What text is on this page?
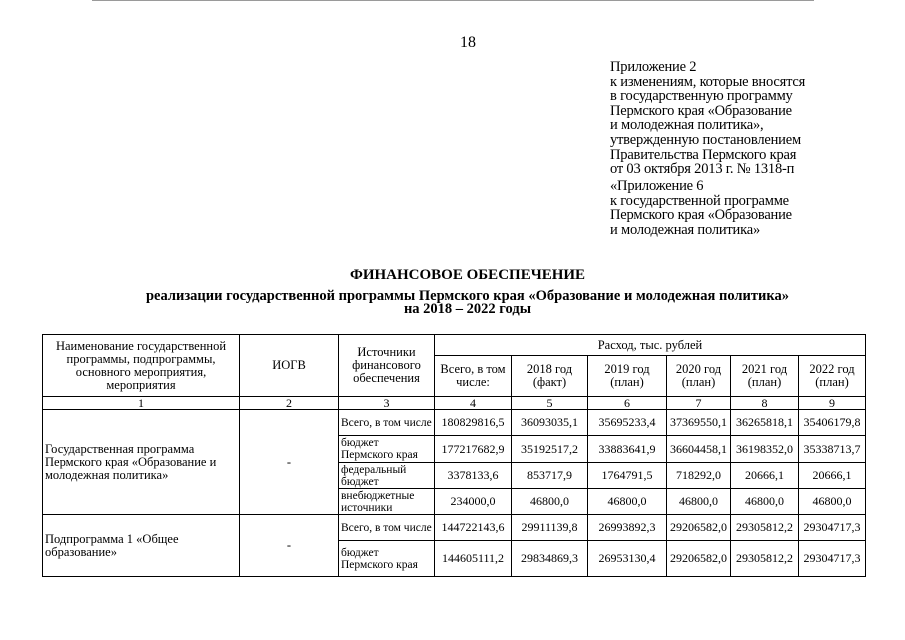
18
Приложение 2
к изменениям, которые вносятся
в государственную программу
Пермского края «Образование
и молодежная политика»,
утвержденную постановлением
Правительства Пермского края
от 03 октября 2013 г. № 1318-п
«Приложение 6
к государственной программе
Пермского края «Образование
и молодежная политика»
ФИНАНСОВОЕ ОБЕСПЕЧЕНИЕ
реализации государственной программы Пермского края «Образование и молодежная политика»
на 2018 – 2022 годы
Наименование государственной программы, подпрограммы, основного мероприятия, мероприятия	ИОГВ	Источники финансового обеспечения	Расход, тыс. рублей					
			Всего, в том числе:	2018 год (факт)	2019 год (план)	2020 год (план)	2021 год (план)	2022 год (план)
1	2	3	4	5	6	7	8	9
Государственная программа Пермского края «Образование и молодежная политика»	-	Всего, в том числе	180829816,5	36093035,1	35695233,4	37369550,1	36265818,1	35406179,8
		бюджет Пермского края	177217682,9	35192517,2	33883641,9	36604458,1	36198352,0	35338713,7
		федеральный бюджет	3378133,6	853717,9	1764791,5	718292,0	20666,1	20666,1
		внебюджетные источники	234000,0	46800,0	46800,0	46800,0	46800,0	46800,0
Подпрограмма 1 «Общее образование»	-	Всего, в том числе	144722143,6	29911139,8	26993892,3	29206582,0	29305812,2	29304717,3
		бюджет Пермского края	144605111,2	29834869,3	26953130,4	29206582,0	29305812,2	29304717,3
